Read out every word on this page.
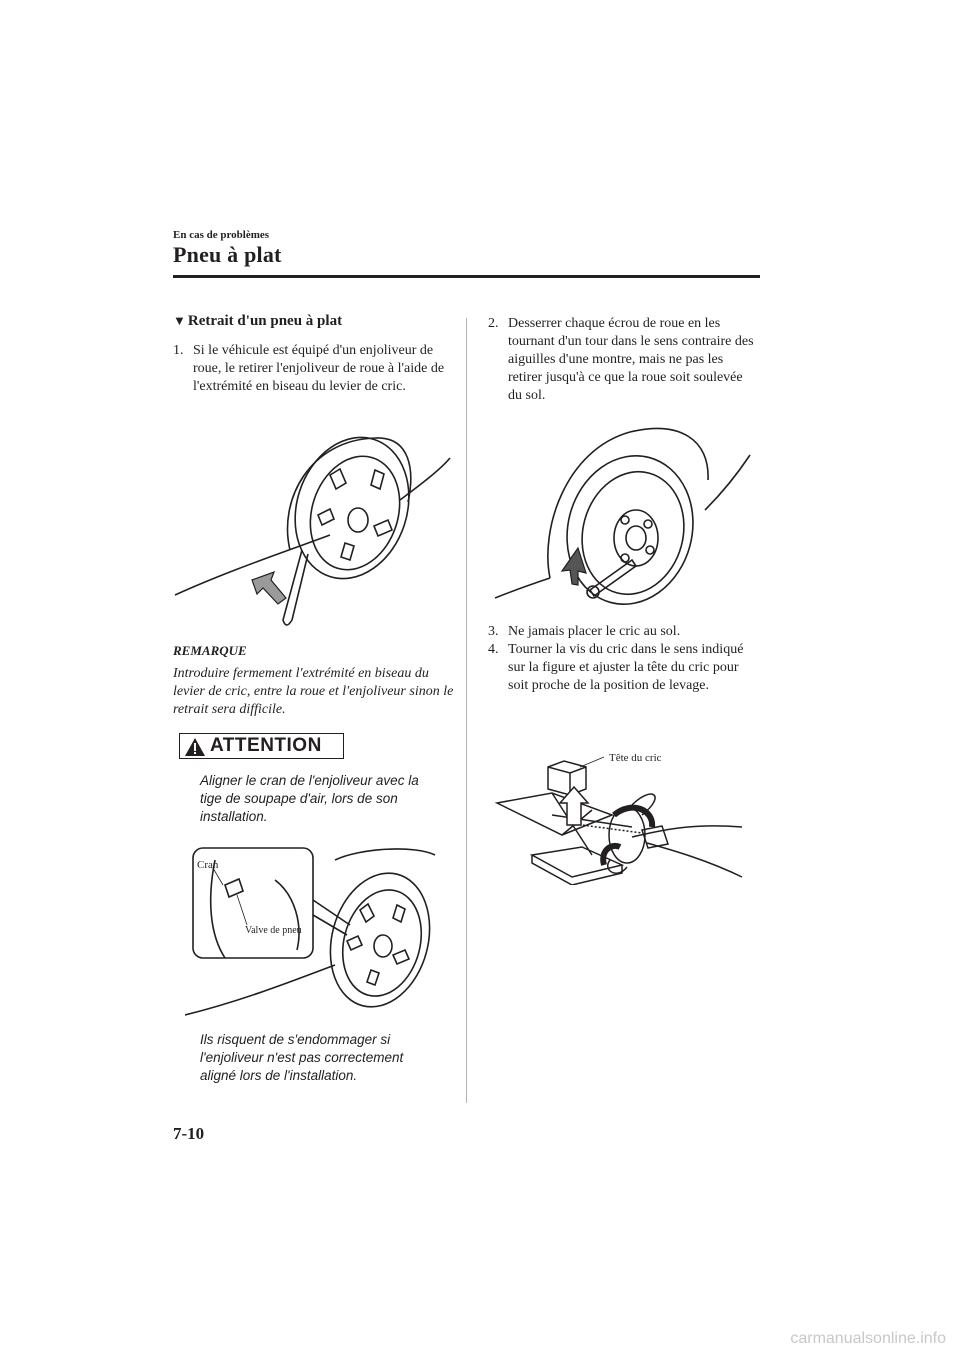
En cas de problèmes
Pneu à plat
▼ Retrait d'un pneu à plat
1. Si le véhicule est équipé d'un enjoliveur de roue, le retirer l'enjoliveur de roue à l'aide de l'extrémité en biseau du levier de cric.
REMARQUE
Introduire fermement l'extrémité en biseau du levier de cric, entre la roue et l'enjoliveur sinon le retrait sera difficile.
ATTENTION
Aligner le cran de l'enjoliveur avec la tige de soupape d'air, lors de son installation.
Cran
Valve de pneu
Ils risquent de s'endommager si l'enjoliveur n'est pas correctement aligné lors de l'installation.
2. Desserrer chaque écrou de roue en les tournant d'un tour dans le sens contraire des aiguilles d'une montre, mais ne pas les retirer jusqu'à ce que la roue soit soulevée du sol.
3. Ne jamais placer le cric au sol.
4. Tourner la vis du cric dans le sens indiqué sur la figure et ajuster la tête du cric pour soit proche de la position de levage.
Tête du cric
7-10
carmanualsonline.info
